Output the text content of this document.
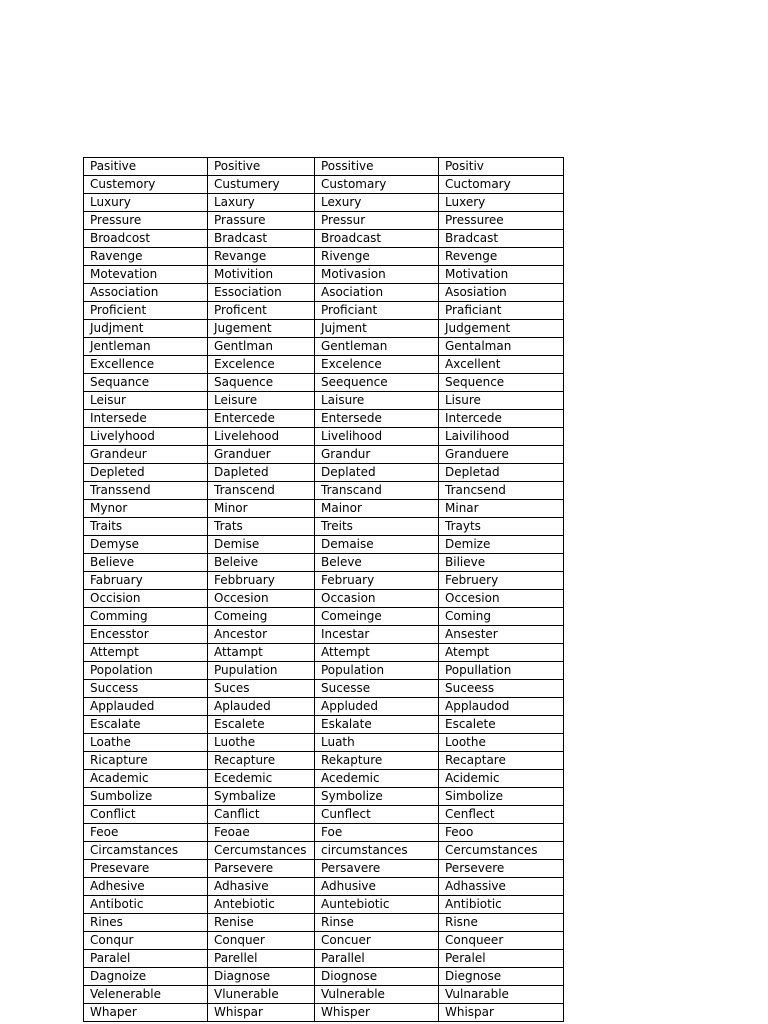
Pasitive	Positive	Possitive	Positiv
Custemory	Custumery	Customary	Cuctomary
Luxury	Laxury	Lexury	Luxery
Pressure	Prassure	Pressur	Pressuree
Broadcost	Bradcast	Broadcast	Bradcast
Ravenge	Revange	Rivenge	Revenge
Motevation	Motivition	Motivasion	Motivation
Association	Essociation	Asociation	Asosiation
Proficient	Proficent	Proficiant	Praficiant
Judjment	Jugement	Jujment	Judgement
Jentleman	Gentlman	Gentleman	Gentalman
Excellence	Excelence	Excelence	Axcellent
Sequance	Saquence	Seequence	Sequence
Leisur	Leisure	Laisure	Lisure
Intersede	Entercede	Entersede	Intercede
Livelyhood	Livelehood	Livelihood	Laivilihood
Grandeur	Granduer	Grandur	Granduere
Depleted	Dapleted	Deplated	Depletad
Transsend	Transcend	Transcand	Trancsend
Mynor	Minor	Mainor	Minar
Traits	Trats	Treits	Trayts
Demyse	Demise	Demaise	Demize
Believe	Beleive	Beleve	Bilieve
Fabruary	Febbruary	February	Februery
Occision	Occesion	Occasion	Occesion
Comming	Comeing	Comeinge	Coming
Encesstor	Ancestor	Incestar	Ansester
Attempt	Attampt	Attempt	Atempt
Popolation	Pupulation	Population	Popullation
Success	Suces	Sucesse	Suceess
Applauded	Aplauded	Appluded	Applaudod
Escalate	Escalete	Eskalate	Escalete
Loathe	Luothe	Luath	Loothe
Ricapture	Recapture	Rekapture	Recaptare
Academic	Ecedemic	Acedemic	Acidemic
Sumbolize	Symbalize	Symbolize	Simbolize
Conflict	Canflict	Cunflect	Cenflect
Feoe	Feoae	Foe	Feoo
Circamstances	Cercumstances	circumstances	Cercumstances
Presevare	Parsevere	Persavere	Persevere
Adhesive	Adhasive	Adhusive	Adhassive
Antibotic	Antebiotic	Auntebiotic	Antibiotic
Rines	Renise	Rinse	Risne
Conqur	Conquer	Concuer	Conqueer
Paralel	Parellel	Parallel	Peralel
Dagnoize	Diagnose	Diognose	Diegnose
Velenerable	Vlunerable	Vulnerable	Vulnarable
Whaper	Whispar	Whisper	Whispar
